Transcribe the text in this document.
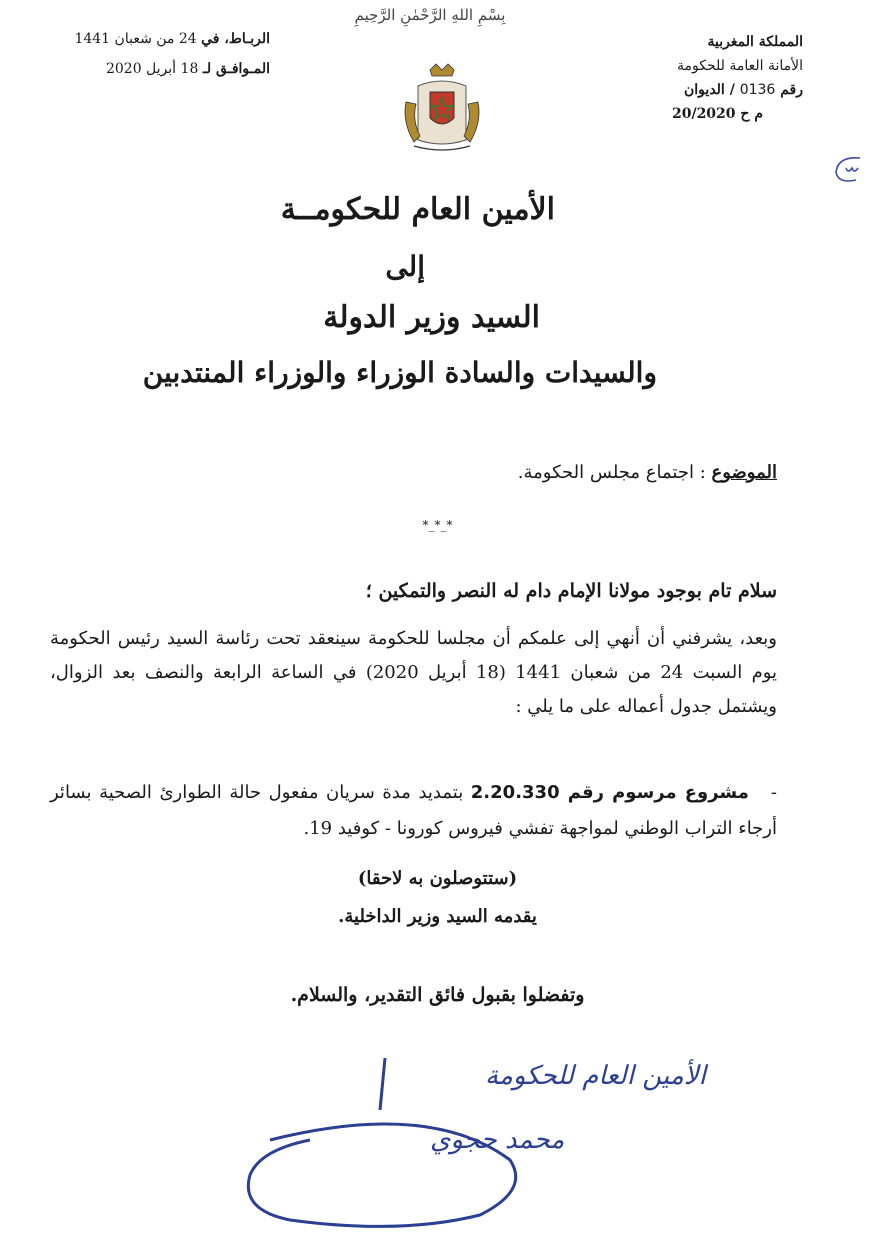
بِسْمِ اللهِ الرَّحْمٰنِ الرَّحِيمِ
المملكة المغربية
الأمانة العامة للحكومة
رقم 0136 / الديوان
م ح 20/2020
الربـاط، في 24 من شعبان 1441
المـوافـق لـ 18 أبريل 2020
الأمين العام للحكومــة
إلى
السيد وزير الدولة
والسيدات والسادة الوزراء والوزراء المنتدبين
الموضوع : اجتماع مجلس الحكومة.
*_*_*
سلام تام بوجود مولانا الإمام دام له النصر والتمكين ؛
وبعد، يشرفني أن أنهي إلى علمكم أن مجلسا للحكومة سينعقد تحت رئاسة السيد رئيس الحكومة يوم السبت 24 من شعبان 1441 (18 أبريل 2020) في الساعة الرابعة والنصف بعد الزوال، ويشتمل جدول أعماله على ما يلي :
-مشروع مرسوم رقم 2.20.330 بتمديد مدة سريان مفعول حالة الطوارئ الصحية بسائر أرجاء التراب الوطني لمواجهة تفشي فيروس كورونا - كوفيد 19.
(ستتوصلون به لاحقا)
يقدمه السيد وزير الداخلية.
وتفضلوا بقبول فائق التقدير، والسلام.
الأمين العام للحكومة
محمد حجوي
